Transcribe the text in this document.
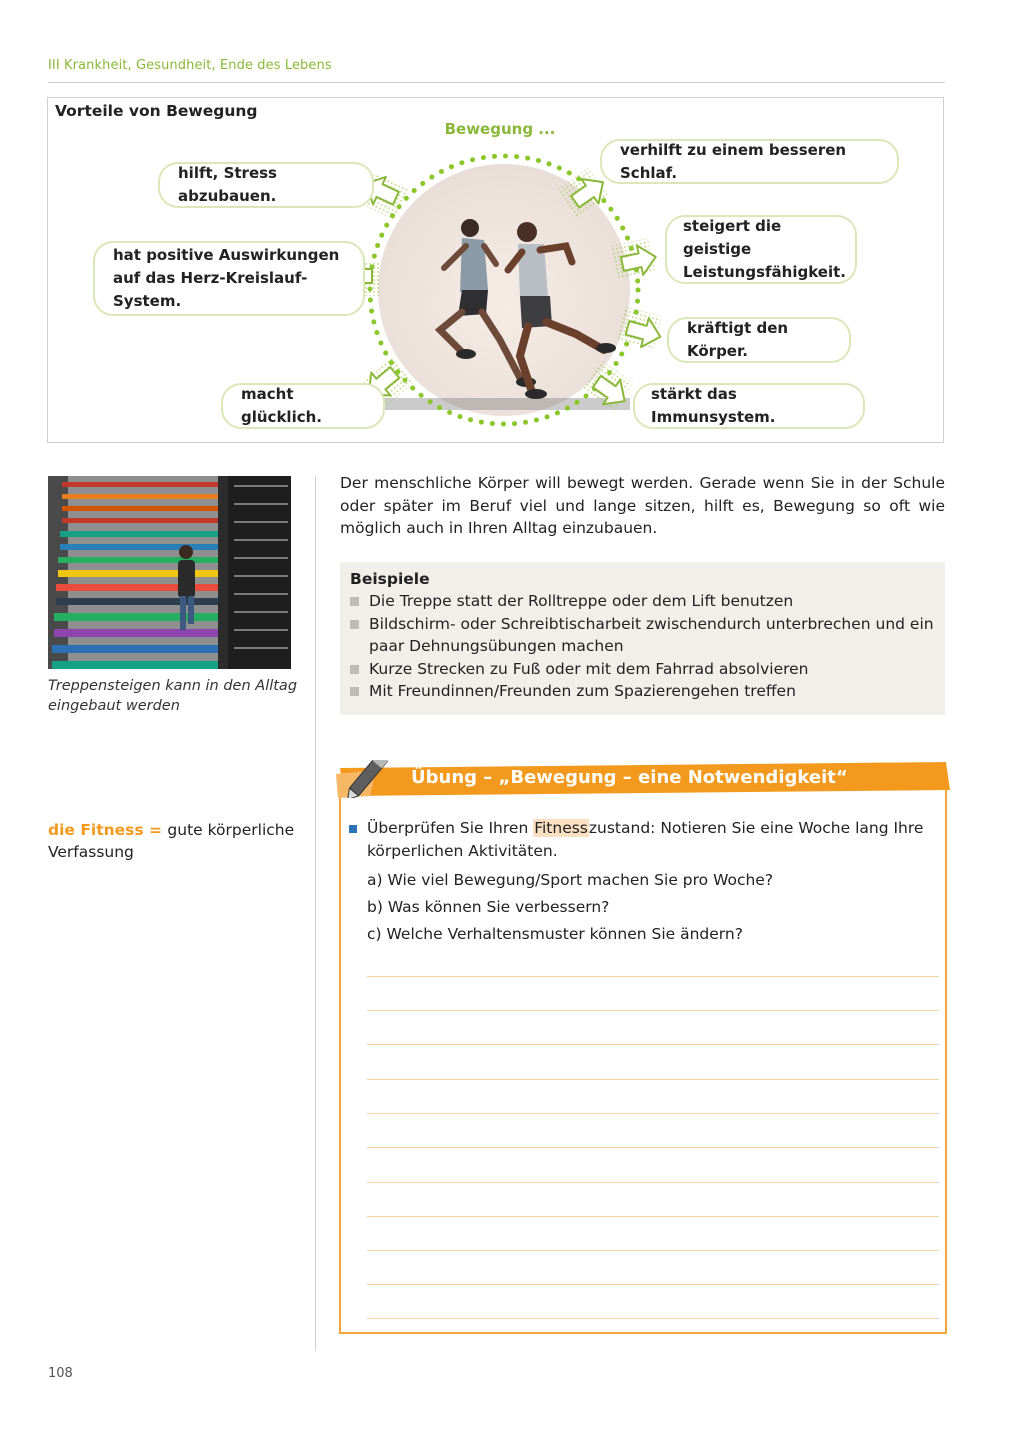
III Krankheit, Gesundheit, Ende des Lebens
Vorteile von Bewegung
Bewegung ...
hilft, Stress abzubauen.
hat positive Auswirkungen auf das Herz-Kreislauf-System.
macht glücklich.
verhilft zu einem besseren Schlaf.
steigert die geistige Leistungsfähigkeit.
kräftigt den Körper.
stärkt das Immunsystem.
Treppensteigen kann in den Alltag eingebaut werden
Der menschliche Körper will bewegt werden. Gerade wenn Sie in der Schule oder später im Beruf viel und lange sitzen, hilft es, Bewegung so oft wie möglich auch in Ihren Alltag einzubauen.
Beispiele
Die Treppe statt der Rolltreppe oder dem Lift benutzen
Bildschirm- oder Schreibtischarbeit zwischendurch unterbrechen und ein paar Dehnungsübungen machen
Kurze Strecken zu Fuß oder mit dem Fahrrad absolvieren
Mit Freundinnen/Freunden zum Spazierengehen treffen
die Fitness = gute körperliche Verfassung
Übung – „Bewegung – eine Notwendigkeit“
Überprüfen Sie Ihren Fitnesszustand: Notieren Sie eine Woche lang Ihre körperlichen Aktivitäten.
a) Wie viel Bewegung/Sport machen Sie pro Woche?
b) Was können Sie verbessern?
c) Welche Verhaltensmuster können Sie ändern?
108
